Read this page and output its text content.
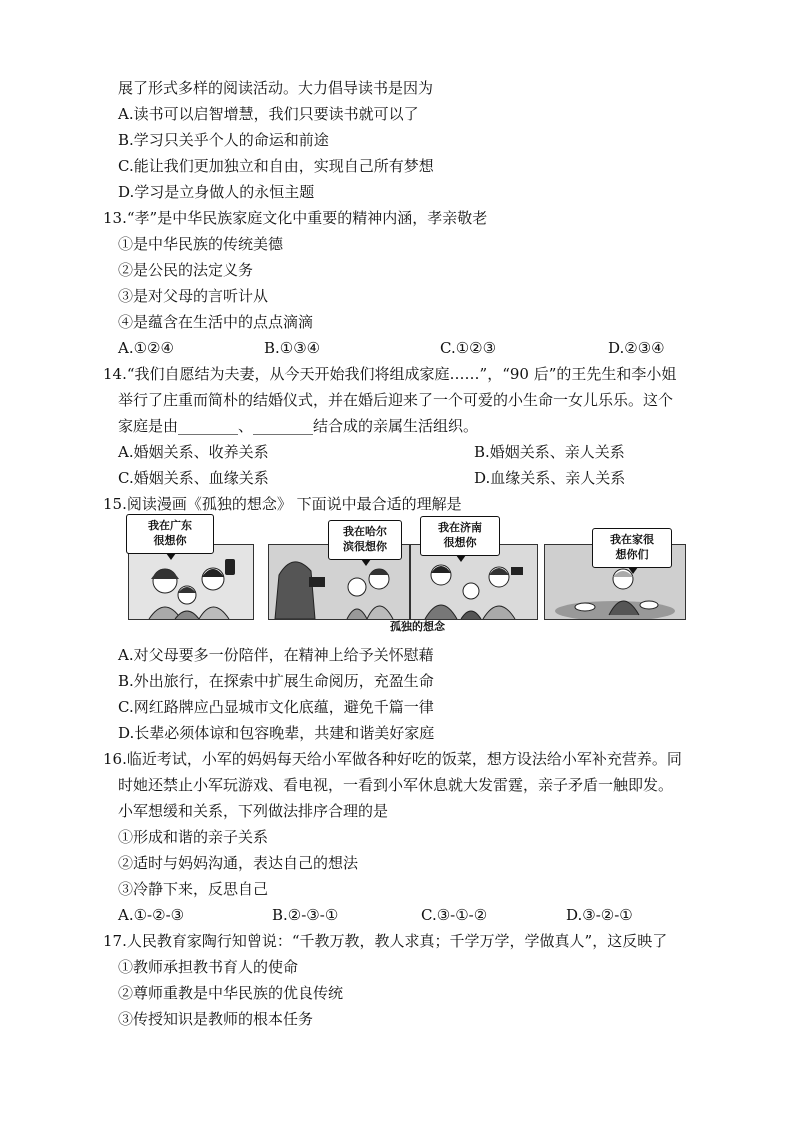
展了形式多样的阅读活动。大力倡导读书是因为
A.读书可以启智增慧，我们只要读书就可以了
B.学习只关乎个人的命运和前途
C.能让我们更加独立和自由，实现自己所有梦想
D.学习是立身做人的永恒主题
13.“孝”是中华民族家庭文化中重要的精神内涵，孝亲敬老
①是中华民族的传统美德
②是公民的法定义务
③是对父母的言听计从
④是蕴含在生活中的点点滴滴
A.①②④	B.①③④	C.①②③	D.②③④
14.“我们自愿结为夫妻，从今天开始我们将组成家庭……”，“90 后”的王先生和李小姐
举行了庄重而简朴的结婚仪式，并在婚后迎来了一个可爱的小生命一女儿乐乐。这个
家庭是由________、________结合成的亲属生活组织。
A.婚姻关系、收养关系	B.婚姻关系、亲人关系
C.婚姻关系、血缘关系	D.血缘关系、亲人关系
15.阅读漫画《孤独的想念》 下面说中最合适的理解是
我在广东
很想你
我在哈尔
滨很想你
我在济南
很想你	我在家很
想你们
孤独的想念
A.对父母要多一份陪伴，在精神上给予关怀慰藉
B.外出旅行，在探索中扩展生命阅历，充盈生命
C.网红路牌应凸显城市文化底蕴，避免千篇一律
D.长辈必须体谅和包容晚辈，共建和谐美好家庭
16.临近考试，小军的妈妈每天给小军做各种好吃的饭菜，想方设法给小军补充营养。同
时她还禁止小军玩游戏、看电视，一看到小军休息就大发雷霆，亲子矛盾一触即发。
小军想缓和关系，下列做法排序合理的是
①形成和谐的亲子关系
②适时与妈妈沟通，表达自己的想法
③冷静下来，反思自己
A.①-②-③	B.②-③-①	C.③-①-②	D.③-②-①
17.人民教育家陶行知曾说：“千教万教，教人求真；千学万学，学做真人”，这反映了
①教师承担教书育人的使命
②尊师重教是中华民族的优良传统
③传授知识是教师的根本任务
